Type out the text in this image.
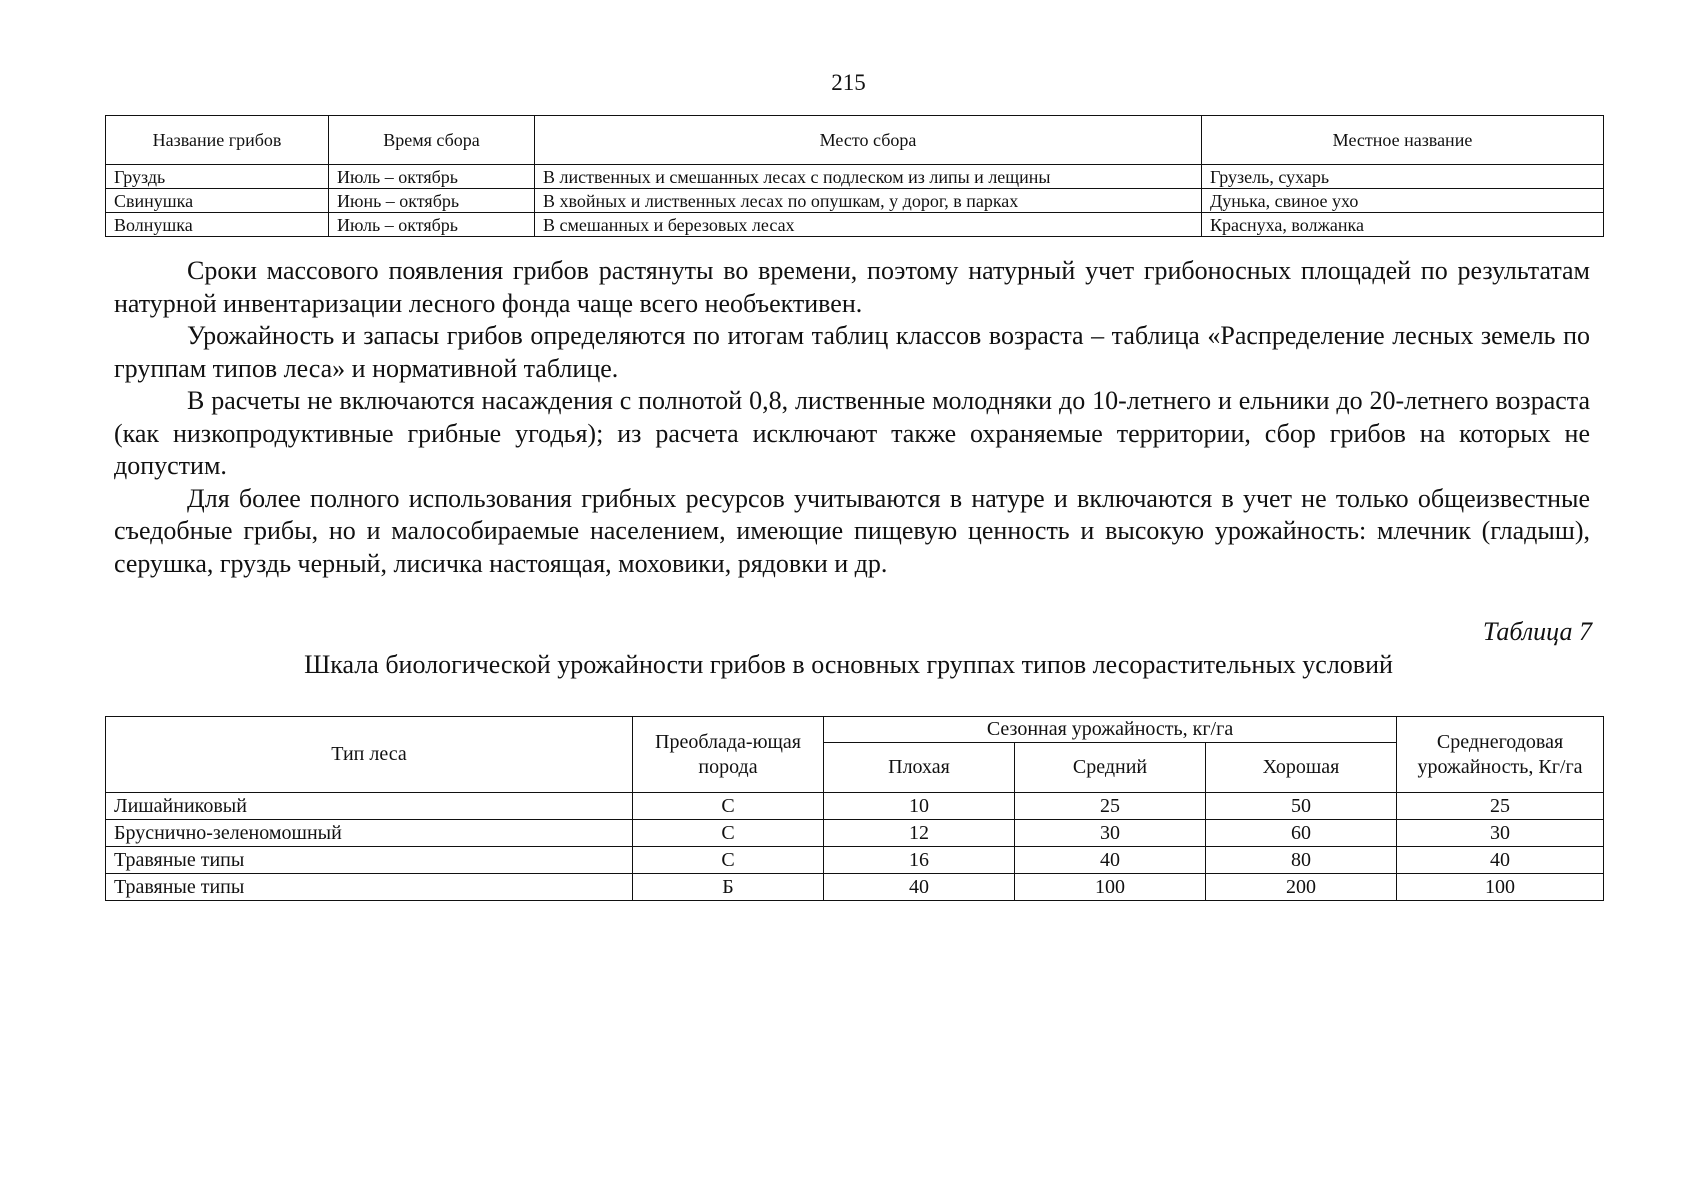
215
Название грибов	Время сбора	Место сбора	Местное название
Груздь	Июль – октябрь	В лиственных и смешанных лесах с подлеском из липы и лещины	Грузель, сухарь
Свинушка	Июнь – октябрь	В хвойных и лиственных лесах по опушкам, у дорог, в парках	Дунька, свиное ухо
Волнушка	Июль – октябрь	В смешанных и березовых лесах	Краснуха, волжанка

Сроки массового появления грибов растянуты во времени, поэтому натурный учет грибоносных площадей по результатам натурной инвентаризации лесного фонда чаще всего необъективен.

Урожайность и запасы грибов определяются по итогам таблиц классов возраста – таблица «Распределение лесных земель по группам типов леса» и нормативной таблице.

В расчеты не включаются насаждения с полнотой 0,8, лиственные молодняки до 10-летнего и ельники до 20-летнего возраста (как низкопродуктивные грибные угодья); из расчета исключают также охраняемые территории, сбор грибов на которых не допустим.

Для более полного использования грибных ресурсов учитываются в натуре и включаются в учет не только общеизвестные съедобные грибы, но и малособираемые населением, имеющие пищевую ценность и высокую урожайность: млечник (гладыш), серушка, груздь черный, лисичка настоящая, моховики, рядовки и др.

Таблица 7
Шкала биологической урожайности грибов в основных группах типов лесорастительных условий
Тип леса	Преоблада-ющая порода	Сезонная урожайность, кг/га			Среднегодовая урожайность, Кг/га
		Плохая	Средний	Хорошая	
Лишайниковый	С	10	25	50	25
Брусничнo-зеленомошный	С	12	30	60	30
Травяные типы	С	16	40	80	40
Травяные типы	Б	40	100	200	100
